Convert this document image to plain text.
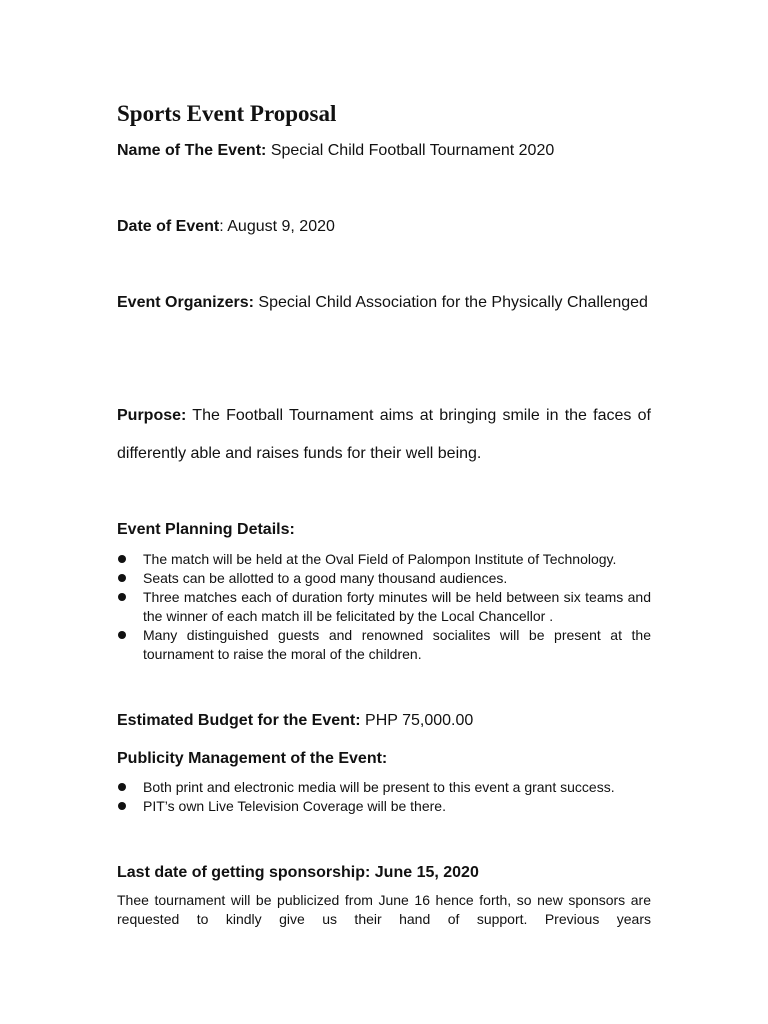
Sports Event Proposal

Name of The Event: Special Child Football Tournament 2020

Date of Event: August 9, 2020

Event Organizers: Special Child Association for the Physically Challenged

Purpose: The Football Tournament aims at bringing smile in the faces of differently able and raises funds for their well being.

Event Planning Details:
The match will be held at the Oval Field of Palompon Institute of Technology.
Seats can be allotted to a good many thousand audiences.
Three matches each of duration forty minutes will be held between six teams and the winner of each match ill be felicitated by the Local Chancellor .
Many distinguished guests and renowned socialites will be present at the tournament to raise the moral of the children.
Estimated Budget for the Event: PHP 75,000.00
Publicity Management of the Event:
Both print and electronic media will be present to this event a grant success.
PIT’s own Live Television Coverage will be there.
Last date of getting sponsorship: June 15, 2020

Thee tournament will be publicized from June 16 hence forth, so new sponsors are requested to kindly give us their hand of support. Previous years
